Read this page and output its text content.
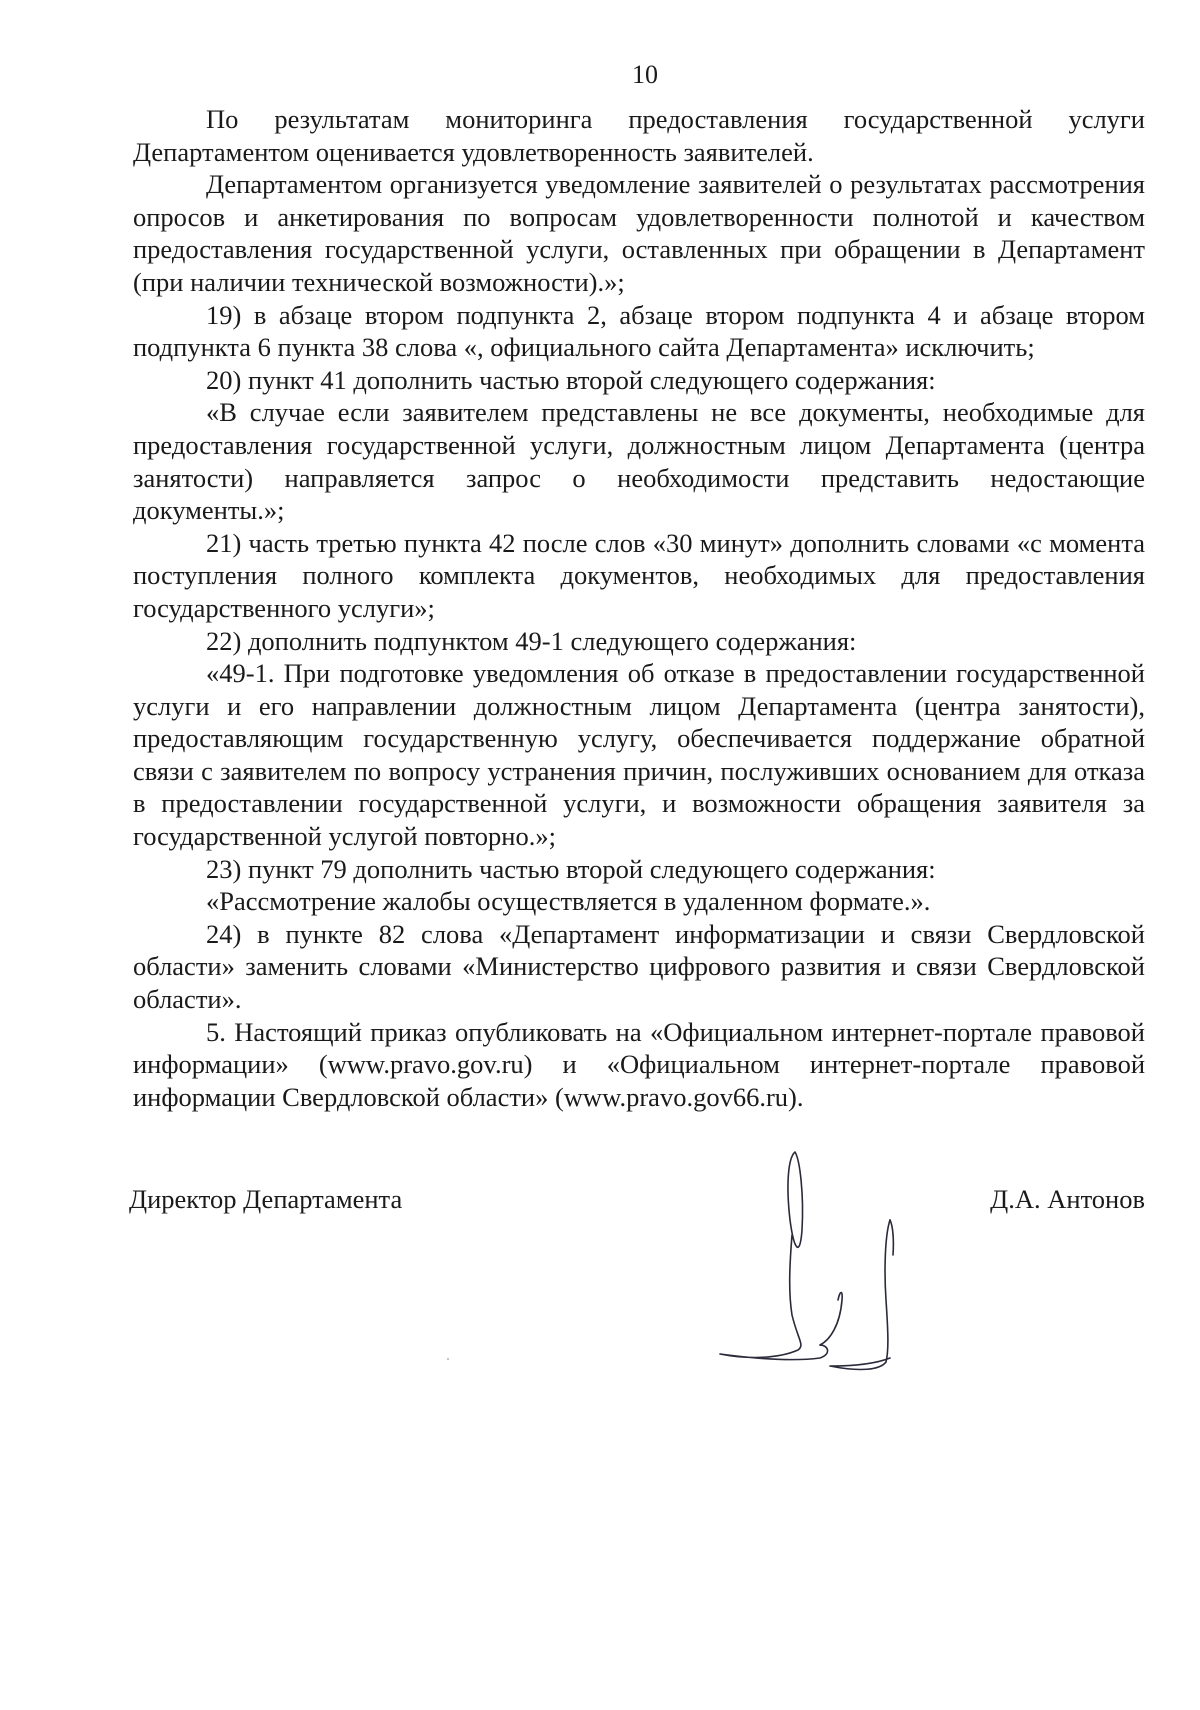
10

По результатам мониторинга предоставления государственной услуги Департаментом оценивается удовлетворенность заявителей.

Департаментом организуется уведомление заявителей о результатах рассмотрения опросов и анкетирования по вопросам удовлетворенности полнотой и качеством предоставления государственной услуги, оставленных при обращении в Департамент (при наличии технической возможности).»;

19) в абзаце втором подпункта 2, абзаце втором подпункта 4 и абзаце втором подпункта 6 пункта 38 слова «, официального сайта Департамента» исключить;

20) пункт 41 дополнить частью второй следующего содержания:

«В случае если заявителем представлены не все документы, необходимые для предоставления государственной услуги, должностным лицом Департамента (центра занятости) направляется запрос о необходимости представить недостающие документы.»;

21) часть третью пункта 42 после слов «30 минут» дополнить словами «с момента поступления полного комплекта документов, необходимых для предоставления государственного услуги»;

22) дополнить подпунктом 49-1 следующего содержания:

«49-1. При подготовке уведомления об отказе в предоставлении государственной услуги и его направлении должностным лицом Департамента (центра занятости), предоставляющим государственную услугу, обеспечивается поддержание обратной связи с заявителем по вопросу устранения причин, послуживших основанием для отказа в предоставлении государственной услуги, и возможности обращения заявителя за государственной услугой повторно.»;

23) пункт 79 дополнить частью второй следующего содержания:

«Рассмотрение жалобы осуществляется в удаленном формате.».

24) в пункте 82 слова «Департамент информатизации и связи Свердловской области» заменить словами «Министерство цифрового развития и связи Свердловской области».

5. Настоящий приказ опубликовать на «Официальном интернет-портале правовой информации» (www.pravo.gov.ru) и «Официальном интернет-портале правовой информации Свердловской области» (www.pravo.gov66.ru).

Директор Департамента	Д.А. Антонов
